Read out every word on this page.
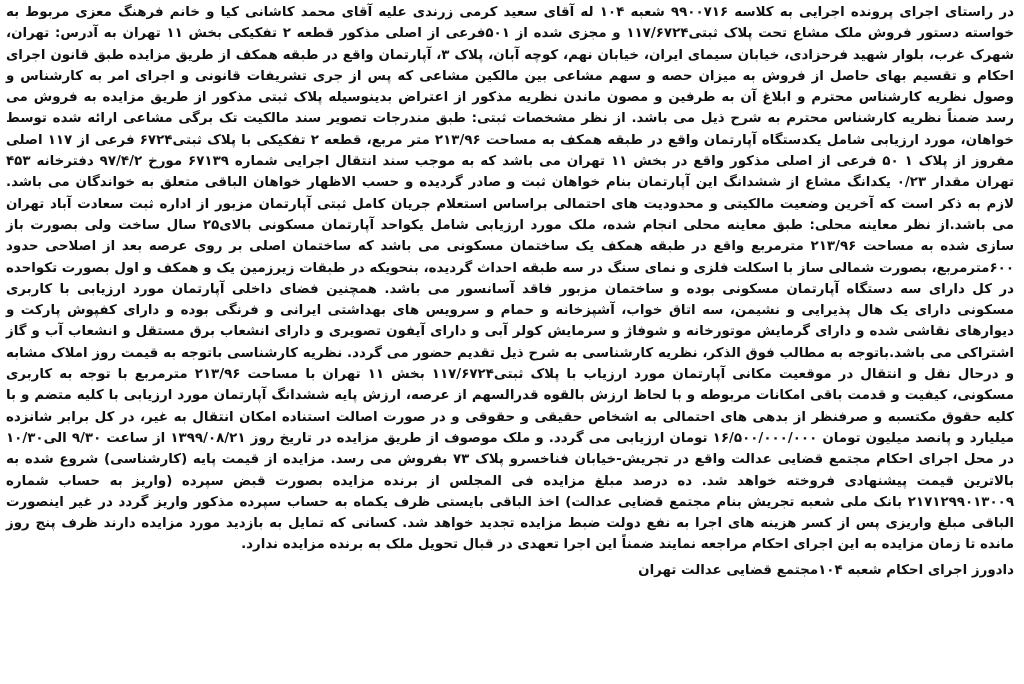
در راستای اجرای پرونده اجرایی به کلاسه ۹۹۰۰۷۱۶ شعبه ۱۰۴ له آقای سعید کرمی زرندی علیه آقای محمد کاشانی کیا و خانم فرهنگ معزی مربوط به خواسته دستور فروش ملک مشاع تحت پلاک ثبتی۱۱۷/۶۷۲۴ و مجزی شده از ۵۰۱فرعی از اصلی مذکور قطعه ۲ تفکیکی بخش ۱۱ تهران به آدرس: تهران، شهرک غرب، بلوار شهید فرحزادی، خیابان سیمای ایران، خیابان نهم، کوچه آبان، پلاک ۳، آپارتمان واقع در طبقه همکف از طریق مزایده طبق قانون اجرای احکام و تقسیم بهای حاصل از فروش به میزان حصه و سهم مشاعی بین مالکین مشاعی که پس از جری تشریفات قانونی و اجرای امر به کارشناس و وصول نظریه کارشناس محترم و ابلاغ آن به طرفین و مصون ماندن نظریه مذکور از اعتراض بدینوسیله پلاک ثبتی مذکور از طریق مزایده به فروش می رسد ضمناً نظریه کارشناس محترم به شرح ذیل می باشد. از نظر مشخصات ثبتی: طبق مندرجات تصویر سند مالکیت تک برگی مشاعی ارائه شده توسط خواهان، مورد ارزیابی شامل یکدستگاه آپارتمان واقع در طبقه همکف به مساحت ۲۱۳/۹۶ متر مربع، قطعه ۲ تفکیکی با پلاک ثبتی۶۷۲۴ فرعی از ۱۱۷ اصلی مفروز از پلاک ۱ ۵۰ فرعی از اصلی مذکور واقع در بخش ۱۱ تهران می باشد که به موجب سند انتقال اجرایی شماره ۶۷۱۳۹ مورخ ۹۷/۴/۲ دفترخانه ۴۵۳ تهران مقدار ۰/۲۳ یکدانگ مشاع از ششدانگ این آپارتمان بنام خواهان ثبت و صادر گردیده و حسب الاظهار خواهان الباقی متعلق به خواندگان می باشد. لازم به ذکر است که آخرین وضعیت مالکیتی و محدودیت های احتمالی براساس استعلام جریان کامل ثبتی آپارتمان مزبور از اداره ثبت سعادت آباد تهران می باشد.از نظر معاینه محلی: طبق معاینه محلی انجام شده، ملک مورد ارزیابی شامل یکواحد آپارتمان مسکونی بالای۲۵ سال ساخت ولی بصورت باز سازی شده به مساحت ۲۱۳/۹۶ مترمربع واقع در طبقه همکف یک ساختمان مسکونی می باشد که ساختمان اصلی بر روی عرصه بعد از اصلاحی حدود ۶۰۰مترمربع، بصورت شمالی ساز با اسکلت فلزی و نمای سنگ در سه طبقه احداث گردیده، بنحویکه در طبقات زیرزمین یک و همکف و اول بصورت تکواحده در کل دارای سه دستگاه آپارتمان مسکونی بوده و ساختمان مزبور فاقد آسانسور می باشد. همچنین فضای داخلی آپارتمان مورد ارزیابی با کاربری مسکونی دارای یک هال پذیرایی و نشیمن، سه اتاق خواب، آشپزخانه و حمام و سرویس های بهداشتی ایرانی و فرنگی بوده و دارای کفپوش پارکت و دیوارهای نقاشی شده و دارای گرمایش موتورخانه و شوفاژ و سرمایش کولر آبی و دارای آیفون تصویری و دارای انشعاب برق مستقل و انشعاب آب و گاز اشتراکی می باشد.باتوجه به مطالب فوق الذکر، نظریه کارشناسی به شرح ذیل تقدیم حضور می گردد. نظریه کارشناسی باتوجه به قیمت روز املاک مشابه و درحال نقل و انتقال در موقعیت مکانی آپارتمان مورد ارزیاب با پلاک ثبتی۱۱۷/۶۷۲۴ بخش ۱۱ تهران با مساحت ۲۱۳/۹۶ مترمربع با توجه به کاربری مسکونی، کیفیت و قدمت باقی امکانات مربوطه و با لحاظ ارزش بالقوه قدرالسهم از عرصه، ارزش پایه ششدانگ آپارتمان مورد ارزیابی با کلیه متضم و با کلیه حقوق مکتسبه و صرفنظر از بدهی های احتمالی به اشخاص حقیقی و حقوقی و در صورت اصالت استناده امکان انتقال به غیر، در کل برابر شانزده میلیارد و پانصد میلیون تومان ۱۶/۵۰۰/۰۰۰/۰۰۰ تومان ارزیابی می گردد. و ملک موصوف از طریق مزایده در تاریخ روز ۱۳۹۹/۰۸/۲۱ از ساعت ۹/۳۰ الی۱۰/۳۰ در محل اجرای احکام مجتمع قضایی عدالت واقع در تجریش-خیابان فناخسرو پلاک ۷۳ بفروش می رسد. مزایده از قیمت پایه (کارشناسی) شروع شده به بالاترین قیمت پیشنهادی فروخته خواهد شد. ده درصد مبلغ مزایده فی المجلس از برنده مزایده بصورت قبض سپرده (واریز به حساب شماره ۲۱۷۱۲۹۹۰۱۳۰۰۹ بانک ملی شعبه تجریش بنام مجتمع قضایی عدالت) اخذ الباقی بایستی ظرف یکماه به حساب سپرده مذکور واریز گردد در غیر اینصورت الباقی مبلغ واریزی پس از کسر هزینه های اجرا به نفع دولت ضبط مزایده تجدید خواهد شد. کسانی که تمایل به بازدید مورد مزایده دارند ظرف پنج روز مانده تا زمان مزایده به این اجرای احکام مراجعه نمایند ضمناً این اجرا تعهدی در قبال تحویل ملک به برنده مزایده ندارد.

دادورز اجرای احکام شعبه ۱۰۴مجتمع قضایی عدالت تهران
